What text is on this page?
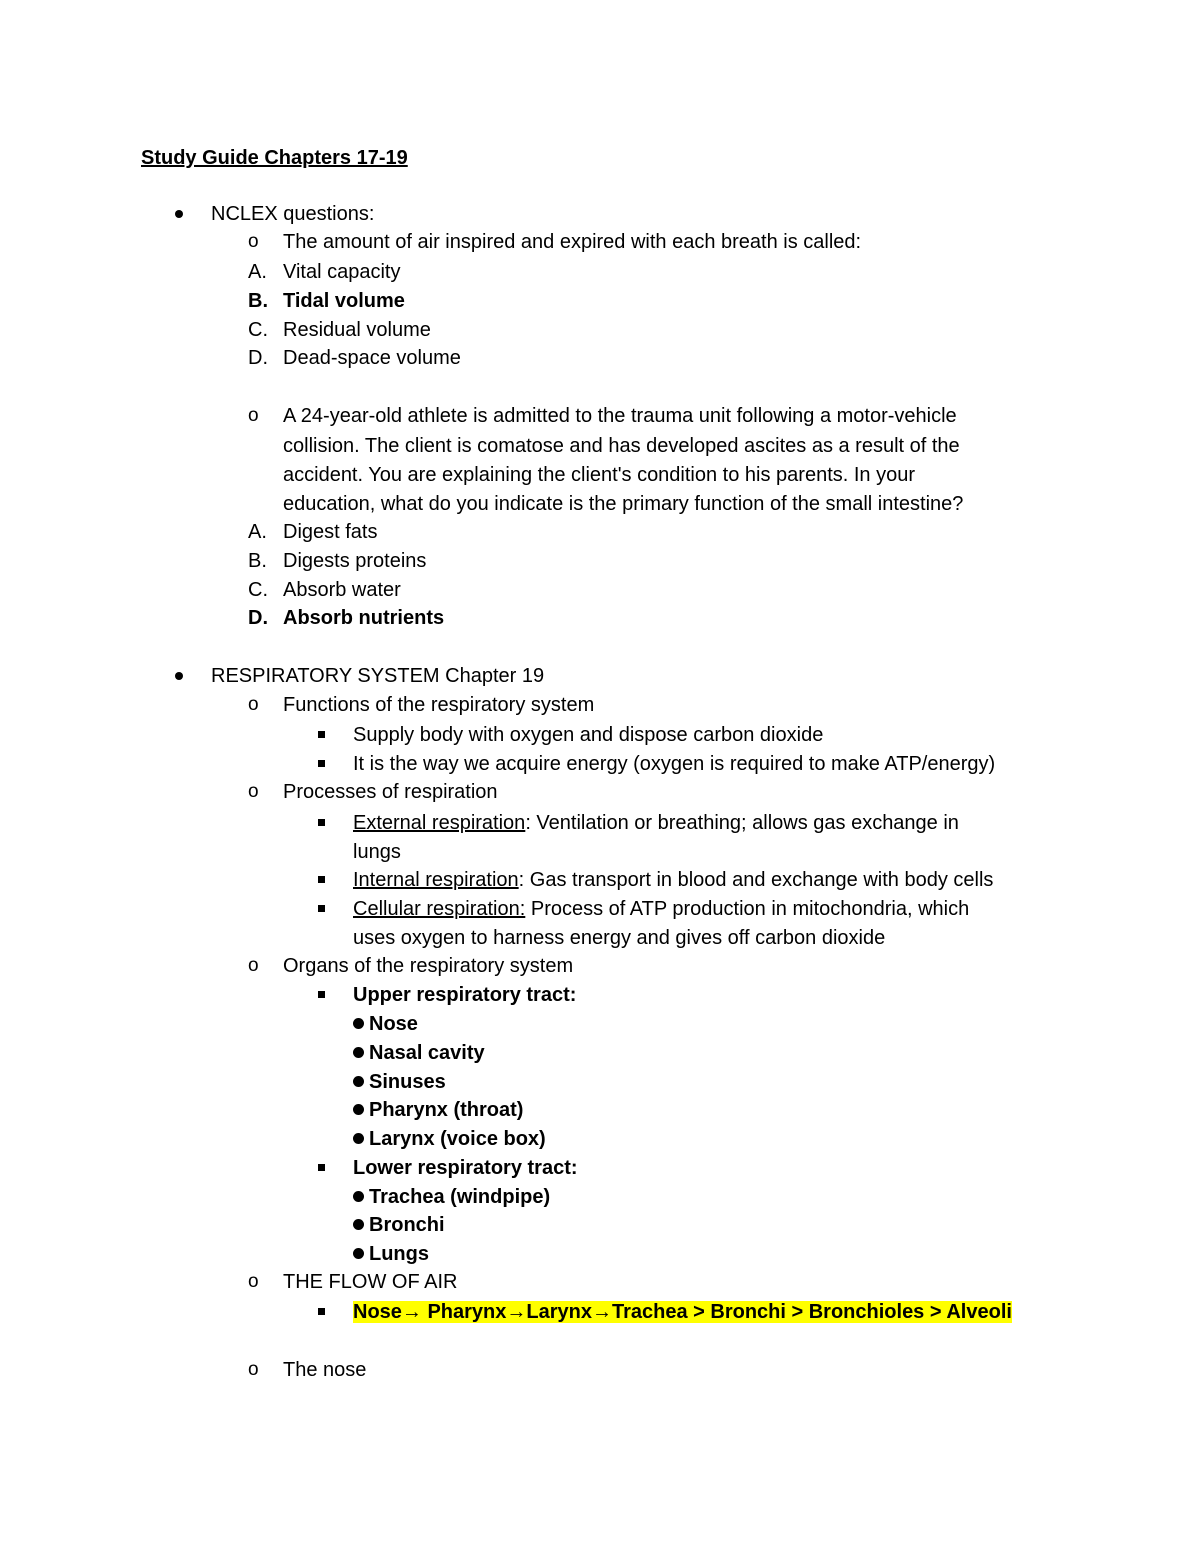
Study Guide Chapters 17-19
NCLEX questions:
o The amount of air inspired and expired with each breath is called:
A. Vital capacity
B. Tidal volume
C. Residual volume
D. Dead-space volume
o A 24-year-old athlete is admitted to the trauma unit following a motor-vehicle
collision. The client is comatose and has developed ascites as a result of the
accident. You are explaining the client's condition to his parents. In your
education, what do you indicate is the primary function of the small intestine?
A. Digest fats
B. Digests proteins
C. Absorb water
D. Absorb nutrients
RESPIRATORY SYSTEM Chapter 19
o Functions of the respiratory system
Supply body with oxygen and dispose carbon dioxide
It is the way we acquire energy (oxygen is required to make ATP/energy)
o Processes of respiration
External respiration: Ventilation or breathing; allows gas exchange in
lungs
Internal respiration: Gas transport in blood and exchange with body cells
Cellular respiration: Process of ATP production in mitochondria, which
uses oxygen to harness energy and gives off carbon dioxide
o Organs of the respiratory system
Upper respiratory tract:
Nose
Nasal cavity
Sinuses
Pharynx (throat)
Larynx (voice box)
Lower respiratory tract:
Trachea (windpipe)
Bronchi
Lungs
o THE FLOW OF AIR
Nose→ Pharynx→Larynx→Trachea > Bronchi > Bronchioles > Alveoli
o The nose
